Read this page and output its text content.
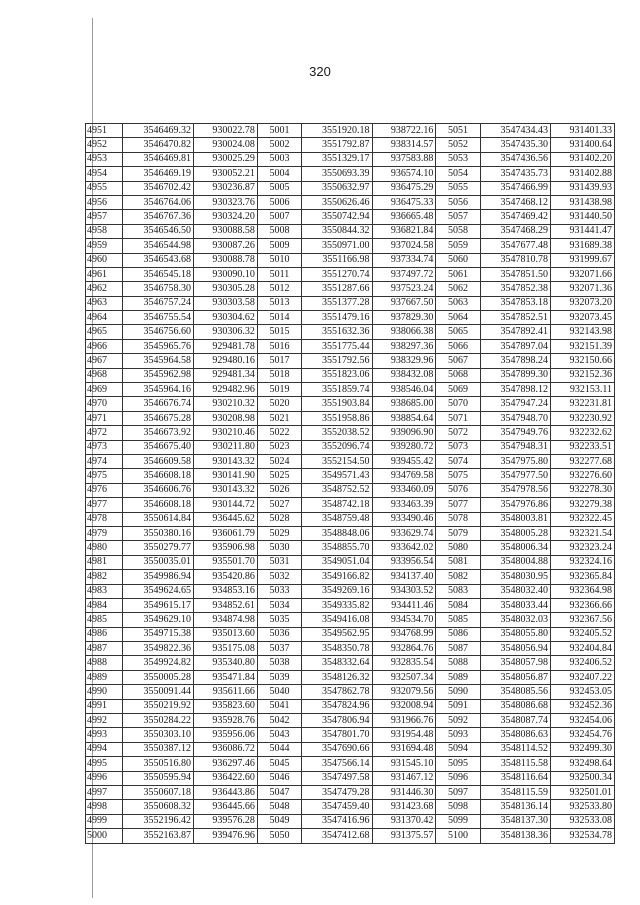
320
4951	3546469.32	930022.78	5001	3551920.18	938722.16	5051	3547434.43	931401.33
4952	3546470.82	930024.08	5002	3551792.87	938314.57	5052	3547435.30	931400.64
4953	3546469.81	930025.29	5003	3551329.17	937583.88	5053	3547436.56	931402.20
4954	3546469.19	930052.21	5004	3550693.39	936574.10	5054	3547435.73	931402.88
4955	3546702.42	930236.87	5005	3550632.97	936475.29	5055	3547466.99	931439.93
4956	3546764.06	930323.76	5006	3550626.46	936475.33	5056	3547468.12	931438.98
4957	3546767.36	930324.20	5007	3550742.94	936665.48	5057	3547469.42	931440.50
4958	3546546.50	930088.58	5008	3550844.32	936821.84	5058	3547468.29	931441.47
4959	3546544.98	930087.26	5009	3550971.00	937024.58	5059	3547677.48	931689.38
4960	3546543.68	930088.78	5010	3551166.98	937334.74	5060	3547810.78	931999.67
4961	3546545.18	930090.10	5011	3551270.74	937497.72	5061	3547851.50	932071.66
4962	3546758.30	930305.28	5012	3551287.66	937523.24	5062	3547852.38	932071.36
4963	3546757.24	930303.58	5013	3551377.28	937667.50	5063	3547853.18	932073.20
4964	3546755.54	930304.62	5014	3551479.16	937829.30	5064	3547852.51	932073.45
4965	3546756.60	930306.32	5015	3551632.36	938066.38	5065	3547892.41	932143.98
4966	3545965.76	929481.78	5016	3551775.44	938297.36	5066	3547897.04	932151.39
4967	3545964.58	929480.16	5017	3551792.56	938329.96	5067	3547898.24	932150.66
4968	3545962.98	929481.34	5018	3551823.06	938432.08	5068	3547899.30	932152.36
4969	3545964.16	929482.96	5019	3551859.74	938546.04	5069	3547898.12	932153.11
4970	3546676.74	930210.32	5020	3551903.84	938685.00	5070	3547947.24	932231.81
4971	3546675.28	930208.98	5021	3551958.86	938854.64	5071	3547948.70	932230.92
4972	3546673.92	930210.46	5022	3552038.52	939096.90	5072	3547949.76	932232.62
4973	3546675.40	930211.80	5023	3552096.74	939280.72	5073	3547948.31	932233.51
4974	3546609.58	930143.32	5024	3552154.50	939455.42	5074	3547975.80	932277.68
4975	3546608.18	930141.90	5025	3549571.43	934769.58	5075	3547977.50	932276.60
4976	3546606.76	930143.32	5026	3548752.52	933460.09	5076	3547978.56	932278.30
4977	3546608.18	930144.72	5027	3548742.18	933463.39	5077	3547976.86	932279.38
4978	3550614.84	936445.62	5028	3548759.48	933490.46	5078	3548003.81	932322.45
4979	3550380.16	936061.79	5029	3548848.06	933629.74	5079	3548005.28	932321.54
4980	3550279.77	935906.98	5030	3548855.70	933642.02	5080	3548006.34	932323.24
4981	3550035.01	935501.70	5031	3549051.04	933956.54	5081	3548004.88	932324.16
4982	3549986.94	935420.86	5032	3549166.82	934137.40	5082	3548030.95	932365.84
4983	3549624.65	934853.16	5033	3549269.16	934303.52	5083	3548032.40	932364.98
4984	3549615.17	934852.61	5034	3549335.82	934411.46	5084	3548033.44	932366.66
4985	3549629.10	934874.98	5035	3549416.08	934534.70	5085	3548032.03	932367.56
4986	3549715.38	935013.60	5036	3549562.95	934768.99	5086	3548055.80	932405.52
4987	3549822.36	935175.08	5037	3548350.78	932864.76	5087	3548056.94	932404.84
4988	3549924.82	935340.80	5038	3548332.64	932835.54	5088	3548057.98	932406.52
4989	3550005.28	935471.84	5039	3548126.32	932507.34	5089	3548056.87	932407.22
4990	3550091.44	935611.66	5040	3547862.78	932079.56	5090	3548085.56	932453.05
4991	3550219.92	935823.60	5041	3547824.96	932008.94	5091	3548086.68	932452.36
4992	3550284.22	935928.76	5042	3547806.94	931966.76	5092	3548087.74	932454.06
4993	3550303.10	935956.06	5043	3547801.70	931954.48	5093	3548086.63	932454.76
4994	3550387.12	936086.72	5044	3547690.66	931694.48	5094	3548114.52	932499.30
4995	3550516.80	936297.46	5045	3547566.14	931545.10	5095	3548115.58	932498.64
4996	3550595.94	936422.60	5046	3547497.58	931467.12	5096	3548116.64	932500.34
4997	3550607.18	936443.86	5047	3547479.28	931446.30	5097	3548115.59	932501.01
4998	3550608.32	936445.66	5048	3547459.40	931423.68	5098	3548136.14	932533.80
4999	3552196.42	939576.28	5049	3547416.96	931370.42	5099	3548137.30	932533.08
5000	3552163.87	939476.96	5050	3547412.68	931375.57	5100	3548138.36	932534.78
